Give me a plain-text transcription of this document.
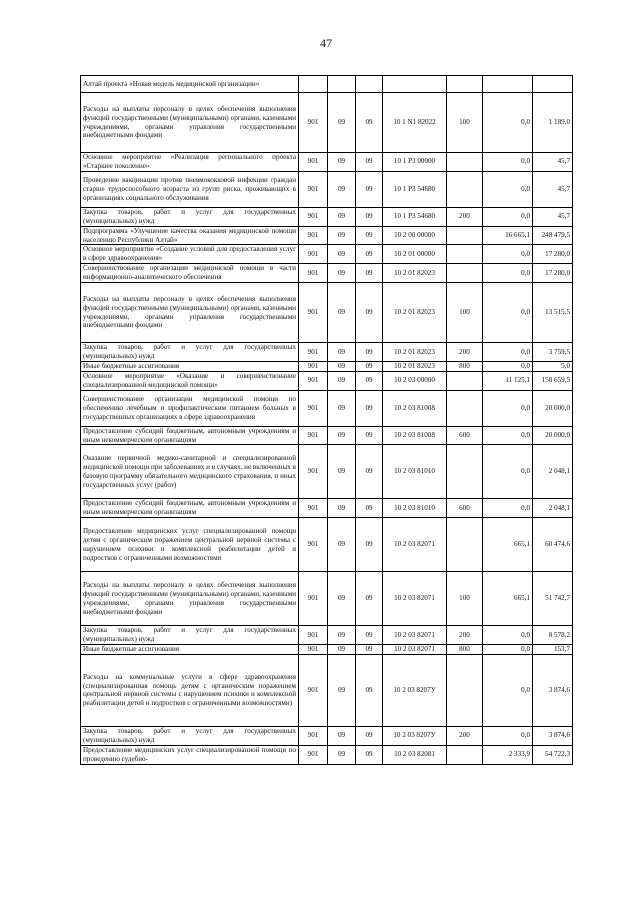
47
Алтай проекта «Новая модель медицинской организации»							
Расходы на выплаты персоналу в целях обеспечения выполнения функций государственными (муниципальными) органами, казенными учреждениями, органами управления государственными внебюджетными фондами	901	09	09	10 1 N1 82022	100	0,0	1 189,0
Основное мероприятие «Реализация регионального проекта «Старшее поколение»	901	09	09	10 1 P3 00000		0,0	45,7
Проведение вакцинации против пневмококковой инфекции граждан старше трудоспособного возраста из групп риска, проживающих в организациях социального обслуживания	901	09	09	10 1 P3 54680		0,0	45,7
Закупка товаров, работ и услуг для государственных (муниципальных) нужд	901	09	09	10 1 P3 54680	200	0,0	45,7
Подпрограмма «Улучшение качества оказания медицинской помощи населению Республики Алтай»	901	09	09	10 2 00 00000		16 665,1	248 479,5
Основное мероприятие «Создание условий для предоставления услуг в сфере здравоохранения»	901	09	09	10 2 01 00000		0,0	17 280,0
Совершенствование организации медицинской помощи в части информационно-аналитического обеспечения	901	09	09	10 2 01 82023		0,0	17 280,0
Расходы на выплаты персоналу в целях обеспечения выполнения функций государственными (муниципальными) органами, казенными учреждениями, органами управления государственными внебюджетными фондами	901	09	09	10 2 01 82023	100	0,0	13 515,5
Закупка товаров, работ и услуг для государственных (муниципальных) нужд	901	09	09	10 2 01 82023	200	0,0	3 759,5
Иные бюджетные ассигнования	901	09	09	10 2 01 82023	800	0,0	5,0
Основное мероприятие «Оказание и совершенствование специализированной медицинской помощи»	901	09	09	10 2 03 00000		11 125,1	158 659,5
Совершенствование организации медицинской помощи по обеспечению лечебным и профилактическим питанием больных в государственных организациях в сфере здравоохранения	901	09	09	10 2 03 81008		0,0	20 000,0
Предоставление субсидий бюджетным, автономным учреждениям и иным некоммерческим организациям	901	09	09	10 2 03 81008	600	0,0	20 000,0
Оказание первичной медико-санитарной и специализированной медицинской помощи при заболеваниях и в случаях, не включенных в базовую программу обязательного медицинского страхования, и иных государственных услуг (работ)	901	09	09	10 2 03 81010		0,0	2 048,1
Предоставление субсидий бюджетным, автономным учреждениям и иным некоммерческим организациям	901	09	09	10 2 03 81010	600	0,0	2 048,1
Предоставление медицинских услуг специализированной помощи детям с органическим поражением центральной нервной системы с нарушением психики и комплексной реабилитации детей и подростков с ограниченными возможностями	901	09	09	10 2 03 82071		665,1	60 474,6
Расходы на выплаты персоналу в целях обеспечения выполнения функций государственными (муниципальными) органами, казенными учреждениями, органами управления государственными внебюджетными фондами	901	09	09	10 2 03 82071	100	665,1	51 742,7
Закупка товаров, работ и услуг для государственных (муниципальных) нужд	901	09	09	10 2 03 82071	200	0,0	8 578,2
Иные бюджетные ассигнования	901	09	09	10 2 03 82071	800	0,0	153,7
Расходы на коммунальные услуги в сфере здравоохранения (специализированная помощь детям с органическим поражением центральной нервной системы с нарушением психики и комплексной реабилитации детей и подростков с ограниченными возможностями)	901	09	09	10 2 03 8207У		0,0	3 874,6
Закупка товаров, работ и услуг для государственных (муниципальных) нужд	901	09	09	10 2 03 8207У	200	0,0	3 874,6
Предоставление медицинских услуг специализированной помощи по проведению судебно-	901	09	09	10 2 03 82081		2 333,9	54 722,3
